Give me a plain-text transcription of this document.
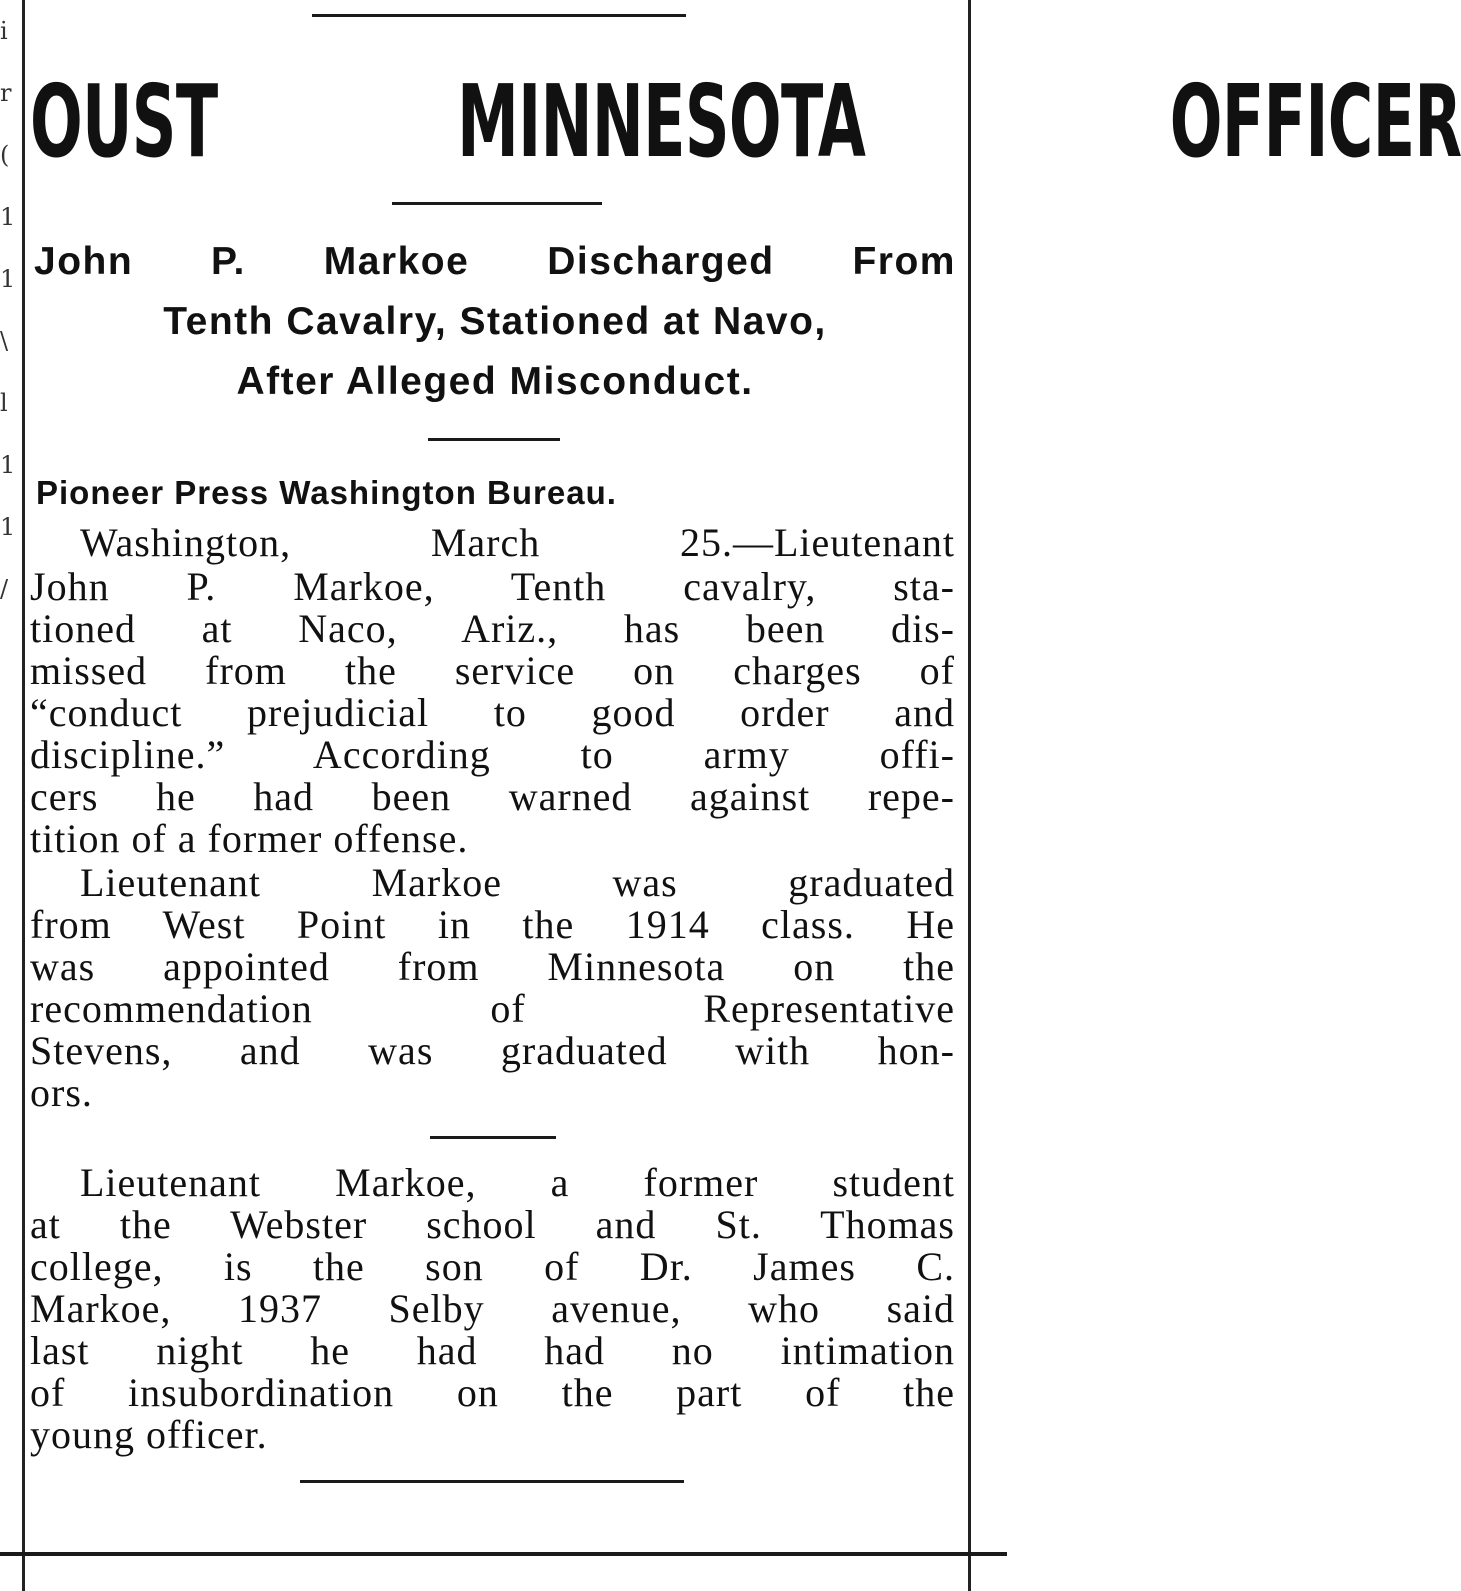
i
r
(
1
1
\
l
1
1
/
OUST MINNESOTA	OFFICER
John P. Markoe Discharged From
Tenth Cavalry, Stationed at Navo,
After Alleged Misconduct.
Pioneer Press Washington Bureau.
Washington, March 25.—Lieutenant
John P. Markoe, Tenth cavalry, sta-
tioned at Naco, Ariz., has been dis-
missed from the service on charges of
“conduct prejudicial to good order and
discipline.” According to army offi-
cers he had been warned against repe-
tition of a former offense.
Lieutenant Markoe was graduated
from West Point in the 1914 class. He
was appointed from Minnesota on the
recommendation of Representative
Stevens, and was graduated with hon-
ors.
Lieutenant Markoe, a former student
at the Webster school and St. Thomas
college, is the son of Dr. James C.
Markoe, 1937 Selby avenue, who said
last night he had had no intimation
of insubordination on the part of the
young officer.
